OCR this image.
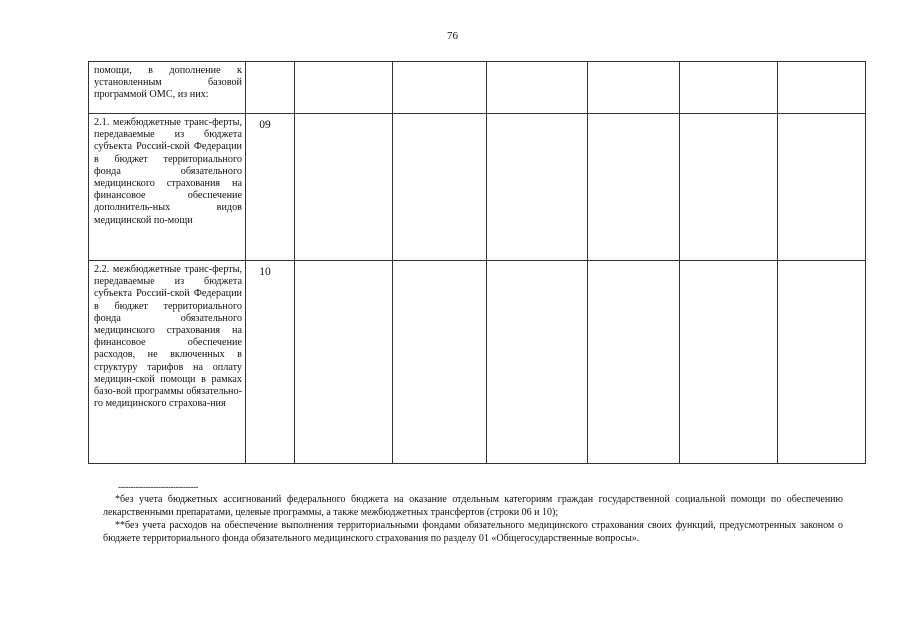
76
помощи, в дополнение к установленным базовой программой ОМС, из них:							
2.1. межбюджетные транс-ферты, передаваемые из бюджета субъекта Россий-ской Федерации в бюджет территориального фонда обязательного медицинского страхования на финансовое обеспечение дополнитель-ных видов медицинской по-мощи	09						
2.2. межбюджетные транс-ферты, передаваемые из бюджета субъекта Россий-ской Федерации в бюджет территориального фонда обязательного медицинского страхования на финансовое обеспечение расходов, не включенных в структуру тарифов на оплату медицин-ской помощи в рамках базо-вой программы обязательно-го медицинского страхова-ния	10						
--------------------------------

*без учета бюджетных ассигнований федерального бюджета на оказание отдельным категориям граждан государственной социальной помощи по обеспечению лекарственными препаратами, целевые программы, а также межбюджетных трансфертов (строки 06 и 10);

**без учета расходов на обеспечение выполнения территориальными фондами обязательного медицинского страхования своих функций, предусмотренных законом о бюджете территориального фонда обязательного медицинского страхования по разделу 01 «Общегосударственные вопросы».
